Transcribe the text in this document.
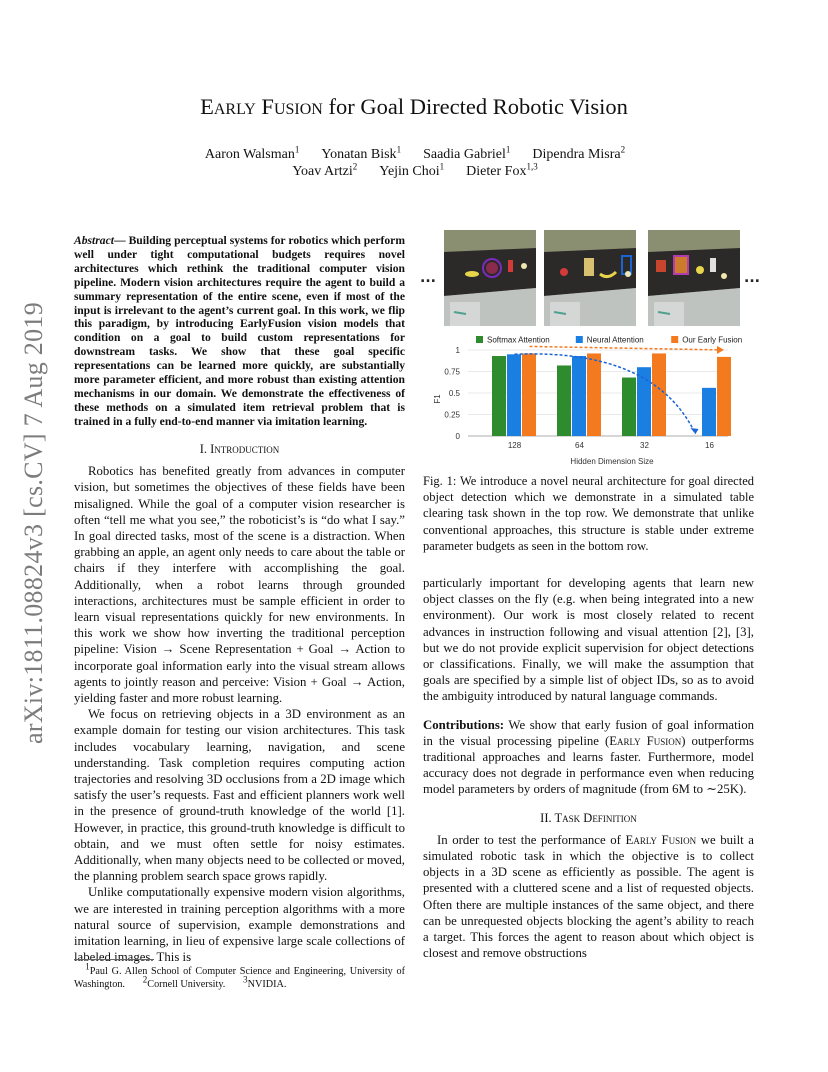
Early Fusion for Goal Directed Robotic Vision
Aaron Walsman$^1$ Yonatan Bisk$^1$ Saadia Gabriel$^1$ Dipendra Misra$^2$
Yoav Artzi$^2$ Yejin Choi$^1$ Dieter Fox$^{1,3}$
arXiv:1811.08824v3 [cs.CV] 7 Aug 2019
Abstract— Building perceptual systems for robotics which perform well under tight computational budgets requires novel architectures which rethink the traditional computer vision pipeline. Modern vision architectures require the agent to build a summary representation of the entire scene, even if most of the input is irrelevant to the agent’s current goal. In this work, we flip this paradigm, by introducing EarlyFusion vision models that condition on a goal to build custom representations for downstream tasks. We show that these goal specific representations can be learned more quickly, are substantially more parameter efficient, and more robust than existing attention mechanisms in our domain. We demonstrate the effectiveness of these methods on a simulated item retrieval problem that is trained in a fully end-to-end manner via imitation learning.
I. Introduction

Robotics has benefited greatly from advances in computer vision, but sometimes the objectives of these fields have been misaligned. While the goal of a computer vision researcher is often “tell me what you see,” the roboticist’s is “do what I say.” In goal directed tasks, most of the scene is a distraction. When grabbing an apple, an agent only needs to care about the table or chairs if they interfere with accomplishing the goal. Additionally, when a robot learns through grounded interactions, architectures must be sample efficient in order to learn visual representations quickly for new environments. In this work we show how inverting the traditional perception pipeline: Vision → Scene Representation + Goal → Action to incorporate goal information early into the visual stream allows agents to jointly reason and perceive: Vision + Goal → Action, yielding faster and more robust learning.

We focus on retrieving objects in a 3D environment as an example domain for testing our vision architectures. This task includes vocabulary learning, navigation, and scene understanding. Task completion requires computing action trajectories and resolving 3D occlusions from a 2D image which satisfy the user’s requests. Fast and efficient planners work well in the presence of ground-truth knowledge of the world [1]. However, in practice, this ground-truth knowledge is difficult to obtain, and we must often settle for noisy estimates. Additionally, when many objects need to be collected or moved, the planning problem search space grows rapidly.

Unlike computationally expensive modern vision algorithms, we are interested in training perception algorithms with a more natural source of supervision, example demonstrations and imitation learning, in lieu of expensive large scale collections of labeled images. This is

$^1$Paul G. Allen School of Computer Science and Engineering, University of Washington. $^2$Cornell University. $^3$NVIDIA.
...	...
0
0.25
0.5
0.75
1
F1
128	64	32	16
Softmax Attention	Neural Attention	Our Early Fusion
Hidden Dimension Size
Fig. 1: We introduce a novel neural architecture for goal directed object detection which we demonstrate in a simulated table clearing task shown in the top row. We demonstrate that unlike conventional approaches, this structure is stable under extreme parameter budgets as seen in the bottom row.

particularly important for developing agents that learn new object classes on the fly (e.g. when being integrated into a new environment). Our work is most closely related to recent advances in instruction following and visual attention [2], [3], but we do not provide explicit supervision for object detections or classifications. Finally, we will make the assumption that goals are specified by a simple list of object IDs, so as to avoid the ambiguity introduced by natural language commands.

Contributions: We show that early fusion of goal information in the visual processing pipeline (Early Fusion) outperforms traditional approaches and learns faster. Furthermore, model accuracy does not degrade in performance even when reducing model parameters by orders of magnitude (from 6M to ∼25K).

II. Task Definition

In order to test the performance of Early Fusion we built a simulated robotic task in which the objective is to collect objects in a 3D scene as efficiently as possible. The agent is presented with a cluttered scene and a list of requested objects. Often there are multiple instances of the same object, and there can be unrequested objects blocking the agent’s ability to reach a target. This forces the agent to reason about which object is closest and remove obstructions
